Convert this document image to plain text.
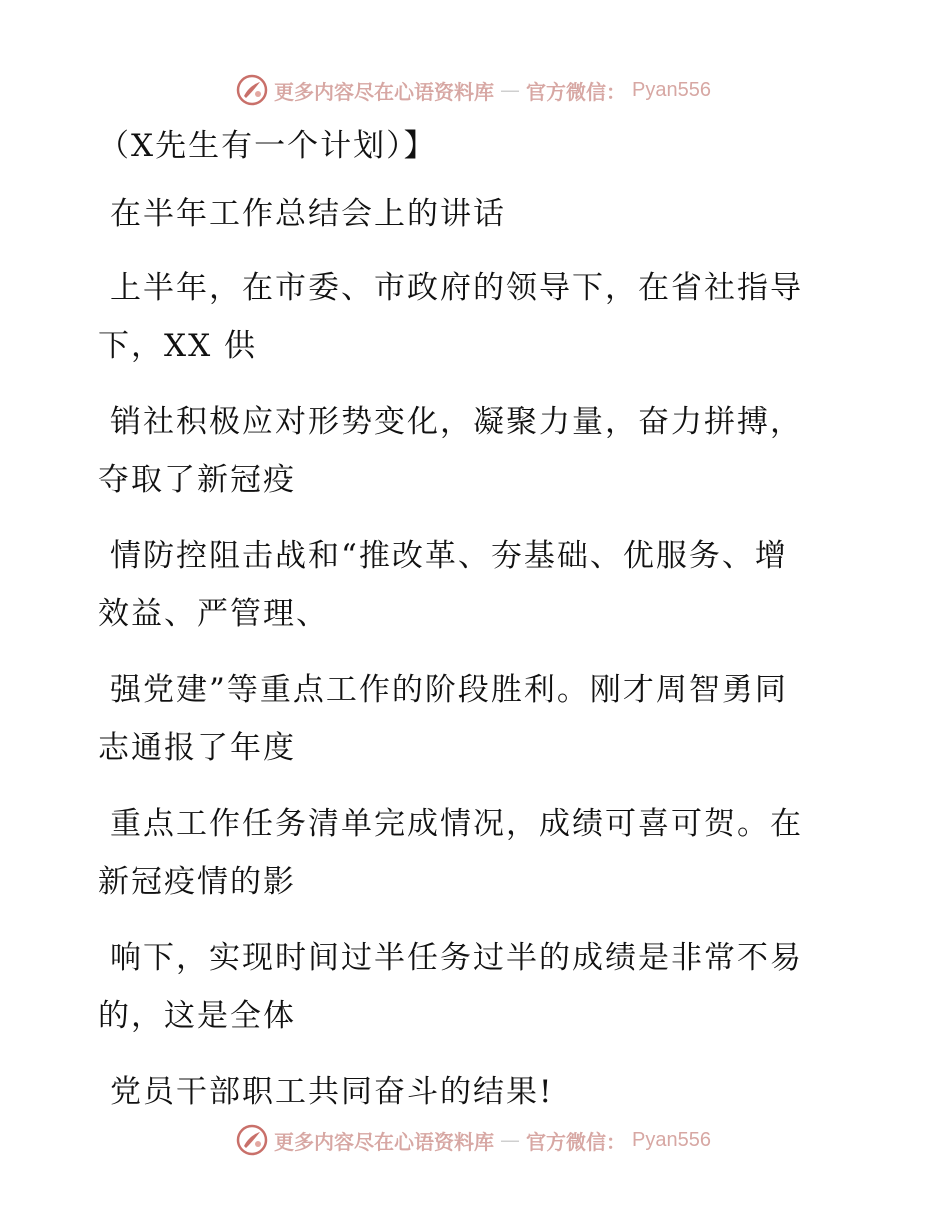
更多内容尽在心语资料库 — 官方微信： Pyan556
（X先生有一个计划）】
在半年工作总结会上的讲话
上半年，在市委、市政府的领导下，在省社指导
下，XX 供
销社积极应对形势变化，凝聚力量，奋力拼搏，
夺取了新冠疫
情防控阻击战和“推改革、夯基础、优服务、增
效益、严管理、
强党建”等重点工作的阶段胜利。刚才周智勇同
志通报了年度
重点工作任务清单完成情况，成绩可喜可贺。在
新冠疫情的影
响下，实现时间过半任务过半的成绩是非常不易
的，这是全体
党员干部职工共同奋斗的结果!
更多内容尽在心语资料库 — 官方微信： Pyan556
